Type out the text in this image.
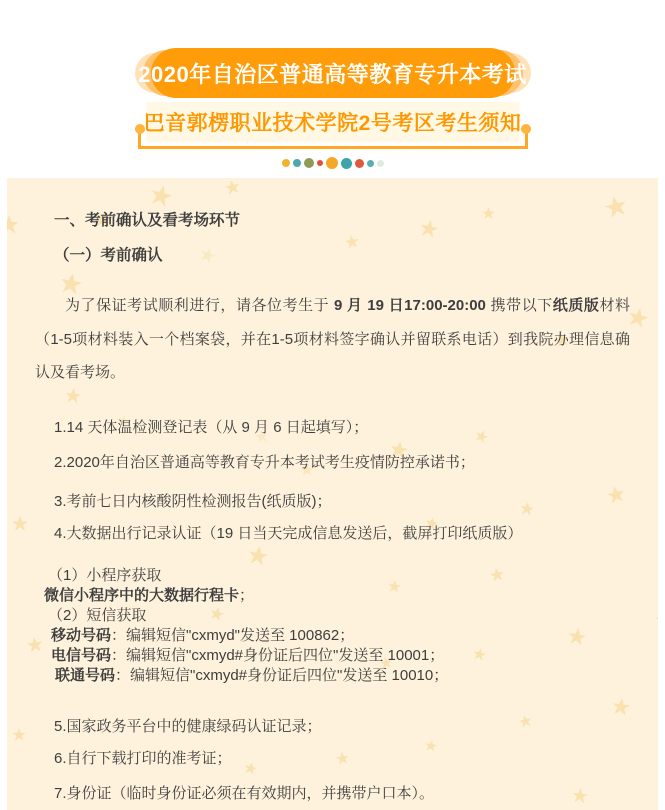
2020年自治区普通高等教育专升本考试
巴音郭楞职业技术学院2号考区考生须知
一、考前确认及看考场环节
（一）考前确认

为了保证考试顺利进行，请各位考生于 9 月 19 日17:00-20:00 携带以下纸质版材料（1-5项材料装入一个档案袋，并在1-5项材料签字确认并留联系电话）到我院办理信息确认及看考场。

1.14 天体温检测登记表（从 9 月 6 日起填写）；

2.2020年自治区普通高等教育专升本考试考生疫情防控承诺书；

3.考前七日内核酸阴性检测报告(纸质版)；

4.大数据出行记录认证（19 日当天完成信息发送后，截屏打印纸质版）

（1）小程序获取
微信小程序中的大数据行程卡；
（2）短信获取
移动号码：编辑短信"cxmyd"发送至 100862；
电信号码：编辑短信"cxmyd#身份证后四位"发送至 10001；
联通号码：编辑短信"cxmyd#身份证后四位"发送至 10010；

5.国家政务平台中的健康绿码认证记录；

6.自行下载打印的准考证；

7.身份证（临时身份证必须在有效期内，并携带户口本）。
